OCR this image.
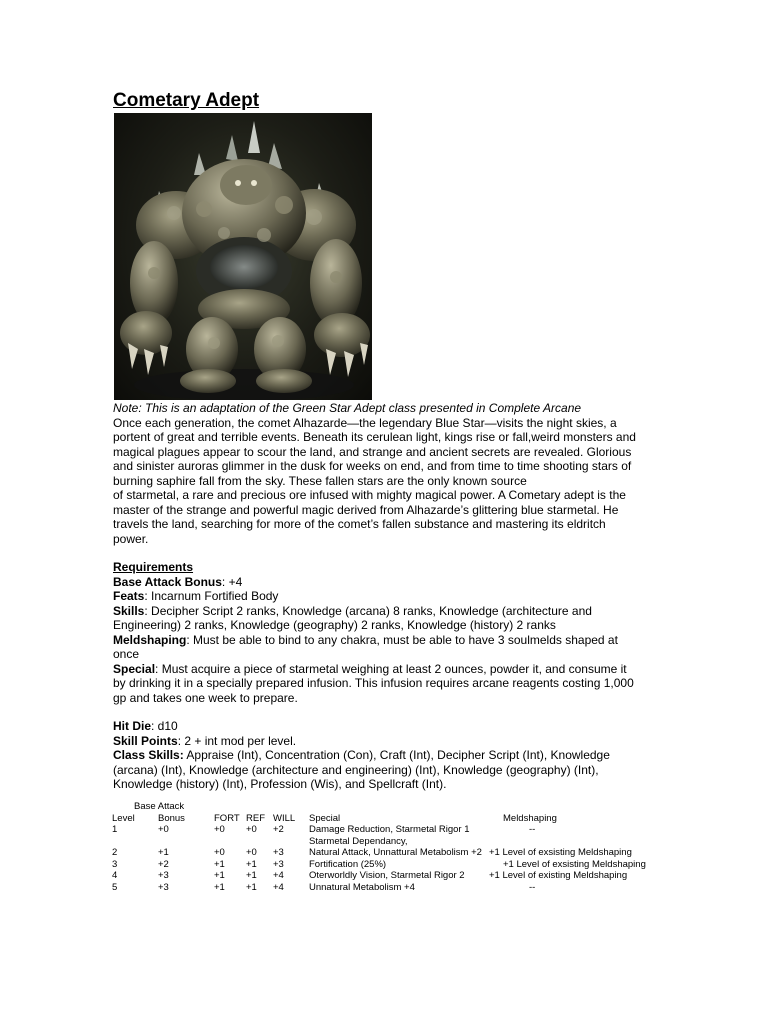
Cometary Adept

Note: This is an adaptation of the Green Star Adept class presented in Complete Arcane

Once each generation, the comet Alhazarde—the legendary Blue Star—visits the night skies, a

portent of great and terrible events. Beneath its cerulean light, kings rise or fall,weird monsters and

magical plagues appear to scour the land, and strange and ancient secrets are revealed. Glorious

and sinister auroras glimmer in the dusk for weeks on end, and from time to time shooting stars of

burning saphire fall from the sky. These fallen stars are the only known source

of starmetal, a rare and precious ore infused with mighty magical power. A Cometary adept is the

master of the strange and powerful magic derived from Alhazarde’s glittering blue starmetal. He

travels the land, searching for more of the comet’s fallen substance and mastering its eldritch

power.

Requirements

Base Attack Bonus: +4

Feats: Incarnum Fortified Body

Skills: Decipher Script 2 ranks, Knowledge (arcana) 8 ranks, Knowledge (architecture and

Engineering) 2 ranks, Knowledge (geography) 2 ranks, Knowledge (history) 2 ranks

Meldshaping: Must be able to bind to any chakra, must be able to have 3 soulmelds shaped at

once

Special: Must acquire a piece of starmetal weighing at least 2 ounces, powder it, and consume it

by drinking it in a specially prepared infusion. This infusion requires arcane reagents costing 1,000

gp and takes one week to prepare.

Hit Die: d10

Skill Points: 2 + int mod per level.

Class Skills: Appraise (Int), Concentration (Con), Craft (Int), Decipher Script (Int), Knowledge

(arcana) (Int), Knowledge (architecture and engineering) (Int), Knowledge (geography) (Int),

Knowledge (history) (Int), Profession (Wis), and Spellcraft (Int).

	Base Attack					
Level	Bonus	FORT	REF	WILL	Special	Meldshaping
1	+0	+0	+0	+2	Damage Reduction, Starmetal Rigor 1	--
					Starmetal Dependancy,	
2	+1	+0	+0	+3	Natural Attack, Unnattural Metabolism +2	+1 Level of exsisting Meldshaping
3	+2	+1	+1	+3	Fortification (25%)	+1 Level of exsisting Meldshaping
4	+3	+1	+1	+4	Oterworldly Vision, Starmetal Rigor 2	+1 Level of existing Meldshaping
5	+3	+1	+1	+4	Unnatural Metabolism +4	--
